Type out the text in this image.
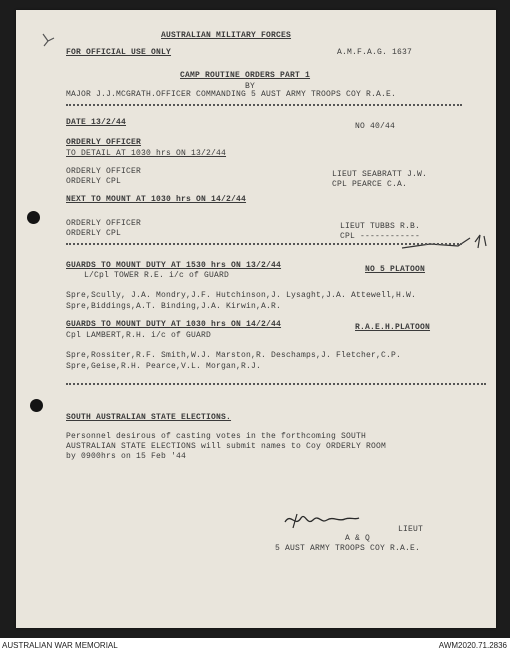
AUSTRALIAN MILITARY FORCES
FOR OFFICIAL USE ONLY	A.M.F.A.G. 1637
CAMP ROUTINE ORDERS PART 1
BY
MAJOR J.J.MCGRATH.OFFICER COMMANDING 5 AUST ARMY TROOPS COY R.A.E.
DATE 13/2/44	NO 40/44
ORDERLY OFFICER
TO DETAIL AT 1030 hrs ON 13/2/44
ORDERLY OFFICER	LIEUT SEABRATT J.W.
ORDERLY CPL	CPL PEARCE C.A.
NEXT TO MOUNT AT 1030 hrs ON 14/2/44
ORDERLY OFFICER	LIEUT TUBBS R.B.
ORDERLY CPL	CPL ------------
GUARDS TO MOUNT DUTY AT 1530 hrs ON 13/2/44	NO 5 PLATOON
L/Cpl TOWER R.E. i/c of GUARD
Spre,Scully, J.A. Mondry,J.F. Hutchinson,J. Lysaght,J.A. Attewell,H.W.
Spre,Biddings,A.T. Binding,J.A. Kirwin,A.R.
GUARDS TO MOUNT DUTY AT 1030 hrs ON 14/2/44	R.A.E.H.PLATOON
Cpl LAMBERT,R.H. i/c of GUARD
Spre,Rossiter,R.F. Smith,W.J. Marston,R. Deschamps,J. Fletcher,C.P.
Spre,Geise,R.H. Pearce,V.L. Morgan,R.J.
SOUTH AUSTRALIAN STATE ELECTIONS.
Personnel desirous of casting votes in the forthcoming SOUTH
AUSTRALIAN STATE ELECTIONS will submit names to Coy ORDERLY ROOM
by 0900hrs on 15 Feb '44
LIEUT
A & Q
5 AUST ARMY TROOPS COY R.A.E.
AUSTRALIAN WAR MEMORIAL	AWM2020.71.2836
